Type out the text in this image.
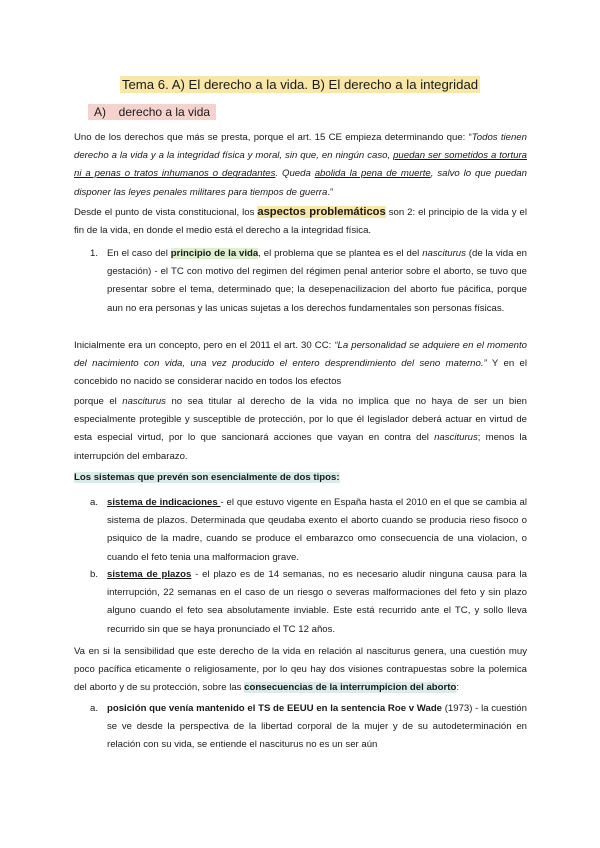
Tema 6. A) El derecho a la vida. B) El derecho a la integridad
A) derecho a la vida
Uno de los derechos que más se presta, porque el art. 15 CE empieza determinando que: “Todos tienen derecho a la vida y a la integridad física y moral, sin que, en ningún caso, puedan ser sometidos a tortura ni a penas o tratos inhumanos o degradantes. Queda abolida la pena de muerte, salvo lo que puedan disponer las leyes penales militares para tiempos de guerra.”
Desde el punto de vista constitucional, los aspectos problemáticos son 2: el principio de la vida y el fin de la vida, en donde el medio está el derecho a la integridad física.
1. En el caso del principio de la vida, el problema que se plantea es el del nasciturus (de la vida en gestación) - el TC con motivo del regimen del régimen penal anterior sobre el aborto, se tuvo que presentar sobre el tema, determinado que; la desepenacilizacion del aborto fue pácifica, porque aun no era personas y las unicas sujetas a los derechos fundamentales son personas físicas.
Inicialmente era un concepto, pero en el 2011 el art. 30 CC: “La personalidad se adquiere en el momento del nacimiento con vida, una vez producido el entero desprendimiento del seno materno.” Y en el concebido no nacido se considerar nacido en todos los efectos
porque el nasciturus no sea titular al derecho de la vida no implica que no haya de ser un bien especialmente protegible y susceptible de protección, por lo que él legislador deberá actuar en virtud de esta especial virtud, por lo que sancionará acciones que vayan en contra del nasciturus; menos la interrupción del embarazo.
Los sistemas que prevén son esencialmente de dos tipos:
a. sistema de indicaciones - el que estuvo vigente en España hasta el 2010 en el que se cambia al sistema de plazos. Determinada que qeudaba exento el aborto cuando se producia rieso fisoco o psiquico de la madre, cuando se produce el embarazco omo consecuencia de una violacion, o cuando el feto tenia una malformacion grave.
b. sistema de plazos - el plazo es de 14 semanas, no es necesario aludir ninguna causa para la interrupción, 22 semanas en el caso de un riesgo o severas malformaciones del feto y sin plazo alguno cuando el feto sea absolutamente inviable. Este está recurrido ante el TC, y sollo lleva recurrido sin que se haya pronunciado el TC 12 años.
Va en si la sensibilidad que este derecho de la vida en relación al nasciturus genera, una cuestión muy poco pacífica eticamente o religiosamente, por lo qeu hay dos visiones contrapuestas sobre la polemica del aborto y de su protección, sobre las consecuencias de la interrumpicion del aborto:
a. posición que venía mantenido el TS de EEUU en la sentencia Roe v Wade (1973) - la cuestión se ve desde la perspectiva de la libertad corporal de la mujer y de su autodeterminación en relación con su vida, se entiende el nasciturus no es un ser aún
